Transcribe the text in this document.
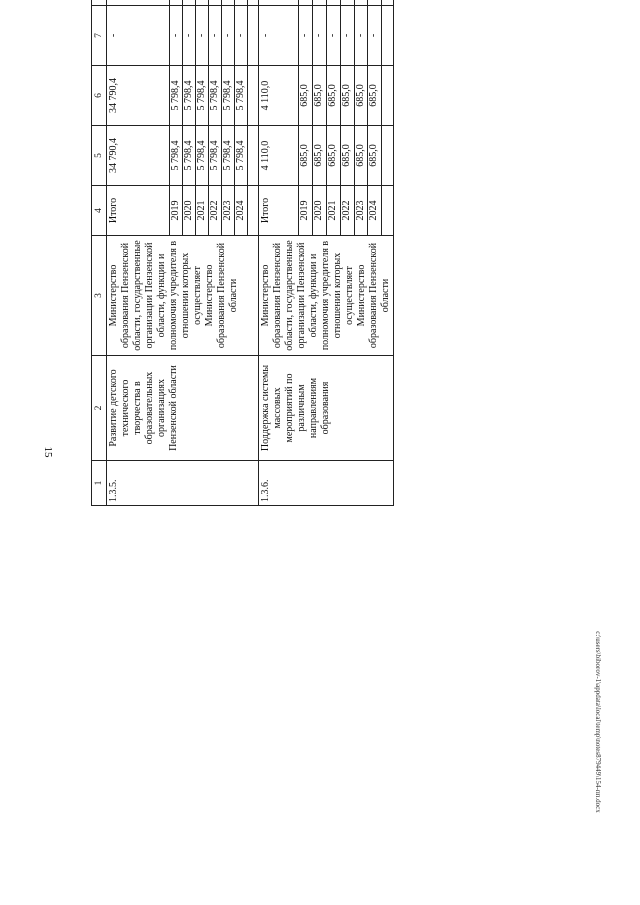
15
c:\users\biborov-1\appdata\local\temp\notes879449\154-пп.docx
1	2	3	4	5	6	7				
1.3.5.	Развитие детского технического творчества в образовательных организациях Пензенской области	Министерство образования Пензенской области, государственные организации Пензенской области, функции и полномочия учредителя в отношении которых осуществляет Министерство образования Пензенской области	Итого	34 790,4	34 790,4	-				
			2019	5 798,4	5 798,4	-			
			2020	5 798,4	5 798,4	-			
			2021	5 798,4	5 798,4	-			
			2022	5 798,4	5 798,4	-			
			2023	5 798,4	5 798,4	-			
			2024	5 798,4	5 798,4	-			

1.3.6.	Поддержка системы массовых мероприятий по различным направлениям образования	Министерство образования Пензенской области, государственные организации Пензенской области, функции и полномочия учредителя в отношении которых осуществляет Министерство образования Пензенской области	Итого	4 110,0	4 110,0	-				
			2019	685,0	685,0	-			
			2020	685,0	685,0	-			
			2021	685,0	685,0	-			
			2022	685,0	685,0	-			
			2023	685,0	685,0	-			
			2024	685,0	685,0	-			
